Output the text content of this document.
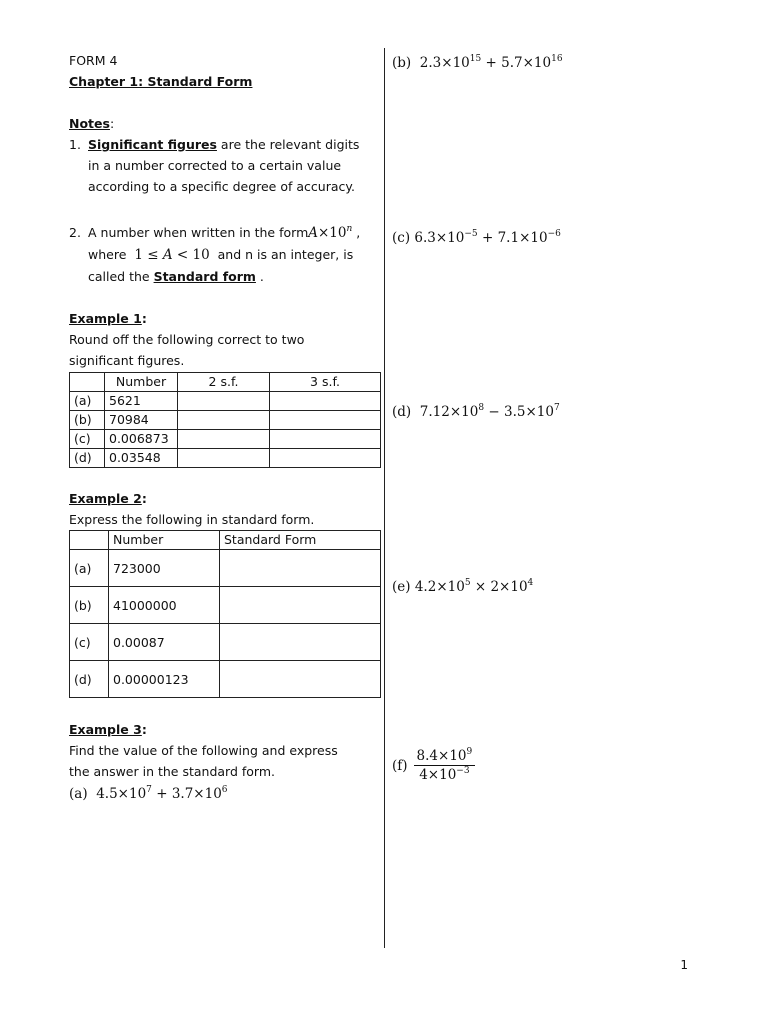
FORM 4
Chapter 1: Standard Form
Notes:
1. Significant figures are the relevant digits
in a number corrected to a certain value
according to a specific degree of accuracy.
2. A number when written in the $formA\times 10^n$ ,
where 1 ≤ A < 10 and n is an integer, is
called the Standard form .
Example 1:
Round off the following correct to two
significant figures.
	Number	2 s.f.	3 s.f.
(a)	5621		
(b)	70984		
(c)	0.006873		
(d)	0.03548		
Example 2:
Express the following in standard form.
	Number	Standard Form
(a)	723000	
(b)	41000000	
(c)	0.00087	
(d)	0.00000123	
Example 3:
Find the value of the following and express
the answer in the standard form.
(a) $4.5\times 10^7 + 3.7\times 10^6$
(b) $2.3\times 10^{15} + 5.7\times 10^{16}$
(c) $6.3\times 10^{-5} + 7.1\times 10^{-6}$
(d) $7.12\times 10^8 - 3.5\times 10^7$
(e) $4.2\times 10^5 \times 2\times 10^4$
$(f) \frac{8.4\times 10^9}{4\times 10^{-3}}$
1
